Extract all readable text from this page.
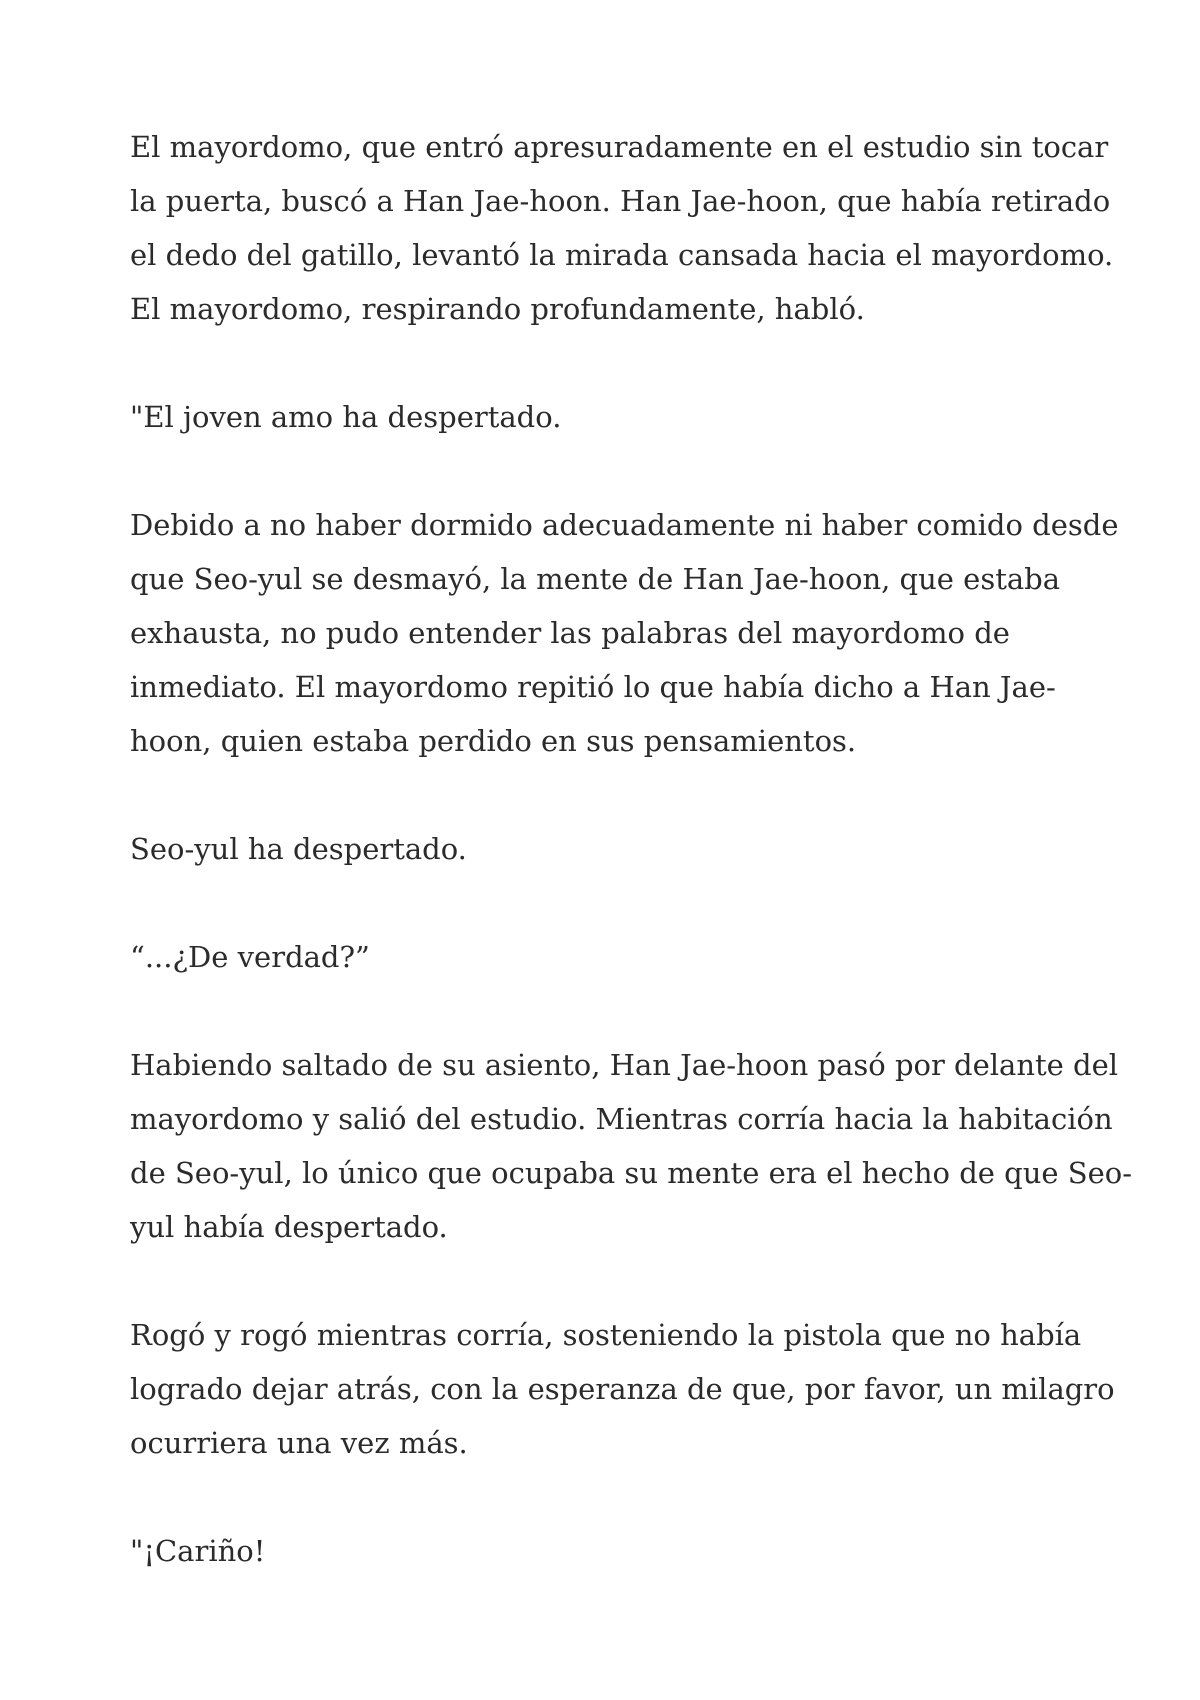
El mayordomo, que entró apresuradamente en el estudio sin tocar
la puerta, buscó a Han Jae-hoon. Han Jae-hoon, que había retirado
el dedo del gatillo, levantó la mirada cansada hacia el mayordomo.
El mayordomo, respirando profundamente, habló.

"El joven amo ha despertado.

Debido a no haber dormido adecuadamente ni haber comido desde
que Seo-yul se desmayó, la mente de Han Jae-hoon, que estaba
exhausta, no pudo entender las palabras del mayordomo de
inmediato. El mayordomo repitió lo que había dicho a Han Jae-
hoon, quien estaba perdido en sus pensamientos.

Seo-yul ha despertado.

“...¿De verdad?”

Habiendo saltado de su asiento, Han Jae-hoon pasó por delante del
mayordomo y salió del estudio. Mientras corría hacia la habitación
de Seo-yul, lo único que ocupaba su mente era el hecho de que Seo-
yul había despertado.

Rogó y rogó mientras corría, sosteniendo la pistola que no había
logrado dejar atrás, con la esperanza de que, por favor, un milagro
ocurriera una vez más.

"¡Cariño!
